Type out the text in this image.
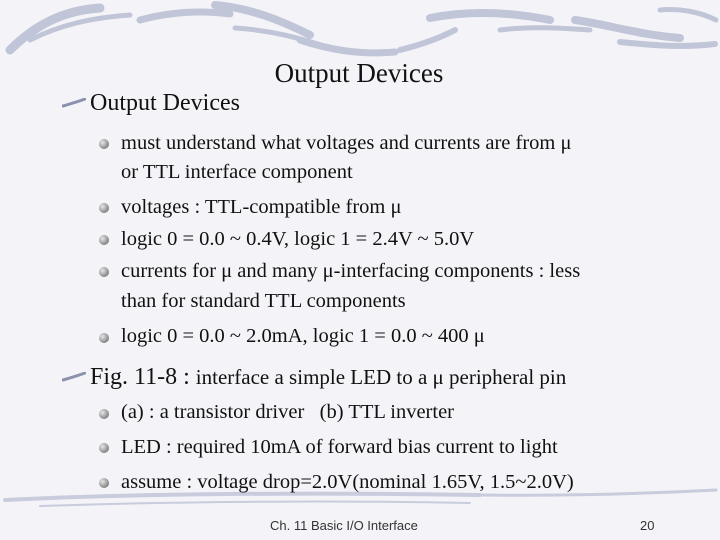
Output Devices
Output Devices
must understand what voltages and currents are from μ
or TTL interface component
voltages : TTL-compatible from μ
logic 0 = 0.0 ~ 0.4V, logic 1 = 2.4V ~ 5.0V
currents for μ and many μ-interfacing components : less
than for standard TTL components
logic 0 = 0.0 ~ 2.0mA, logic 1 = 0.0 ~ 400 μ
Fig. 11-8 : interface a simple LED to a μ peripheral pin
(a) : a transistor driver   (b) TTL inverter
LED : required 10mA of forward bias current to light
assume : voltage drop=2.0V(nominal 1.65V, 1.5~2.0V)
Ch. 11 Basic I/O Interface	20
